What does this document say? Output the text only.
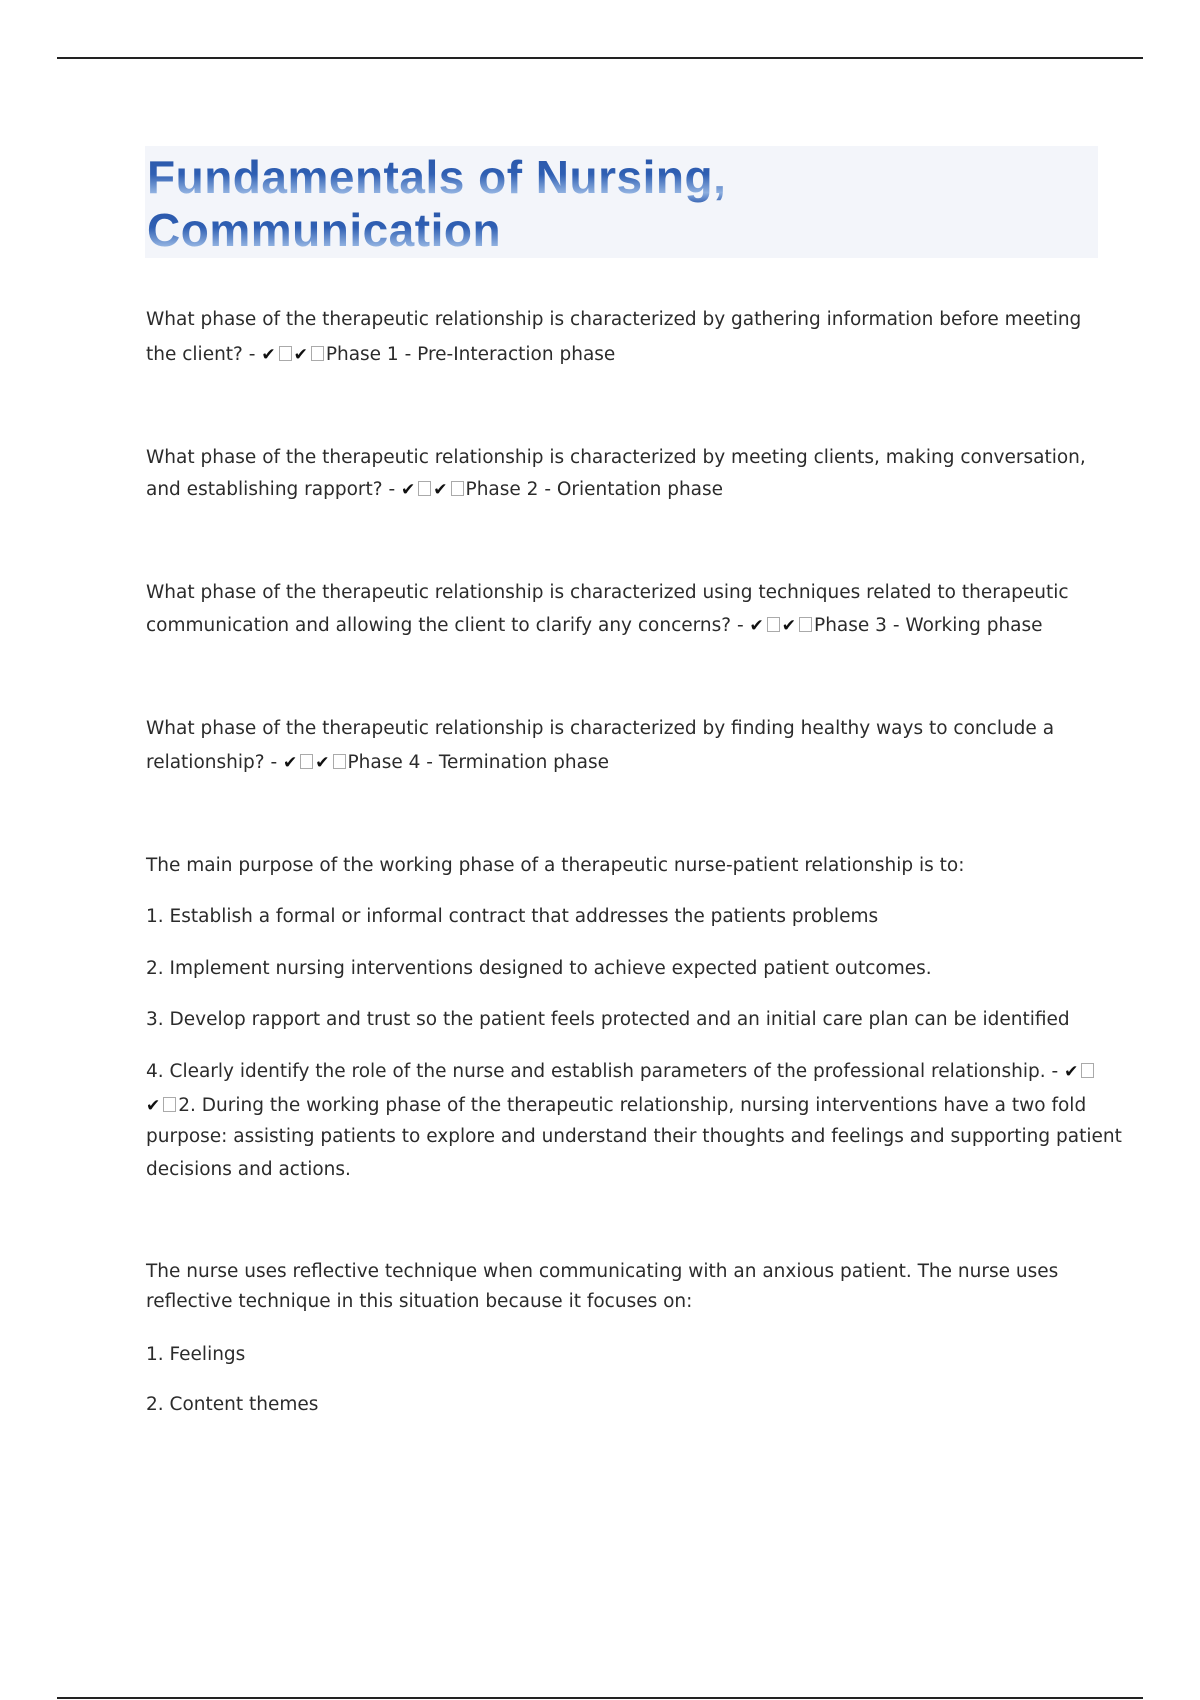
Fundamentals of Nursing,
Communication
What phase of the therapeutic relationship is characterized by gathering information before meeting
the client? - ✔ ✔ Phase 1 - Pre-Interaction phase
What phase of the therapeutic relationship is characterized by meeting clients, making conversation,
and establishing rapport? - ✔ ✔ Phase 2 - Orientation phase
What phase of the therapeutic relationship is characterized using techniques related to therapeutic
communication and allowing the client to clarify any concerns? - ✔ ✔ Phase 3 - Working phase
What phase of the therapeutic relationship is characterized by finding healthy ways to conclude a
relationship? - ✔ ✔ Phase 4 - Termination phase
The main purpose of the working phase of a therapeutic nurse-patient relationship is to:
1. Establish a formal or informal contract that addresses the patients problems
2. Implement nursing interventions designed to achieve expected patient outcomes.
3. Develop rapport and trust so the patient feels protected and an initial care plan can be identified
4. Clearly identify the role of the nurse and establish parameters of the professional relationship. - ✔
✔ 2. During the working phase of the therapeutic relationship, nursing interventions have a two fold
purpose: assisting patients to explore and understand their thoughts and feelings and supporting patient
decisions and actions.
The nurse uses reflective technique when communicating with an anxious patient. The nurse uses
reflective technique in this situation because it focuses on:
1. Feelings
2. Content themes
